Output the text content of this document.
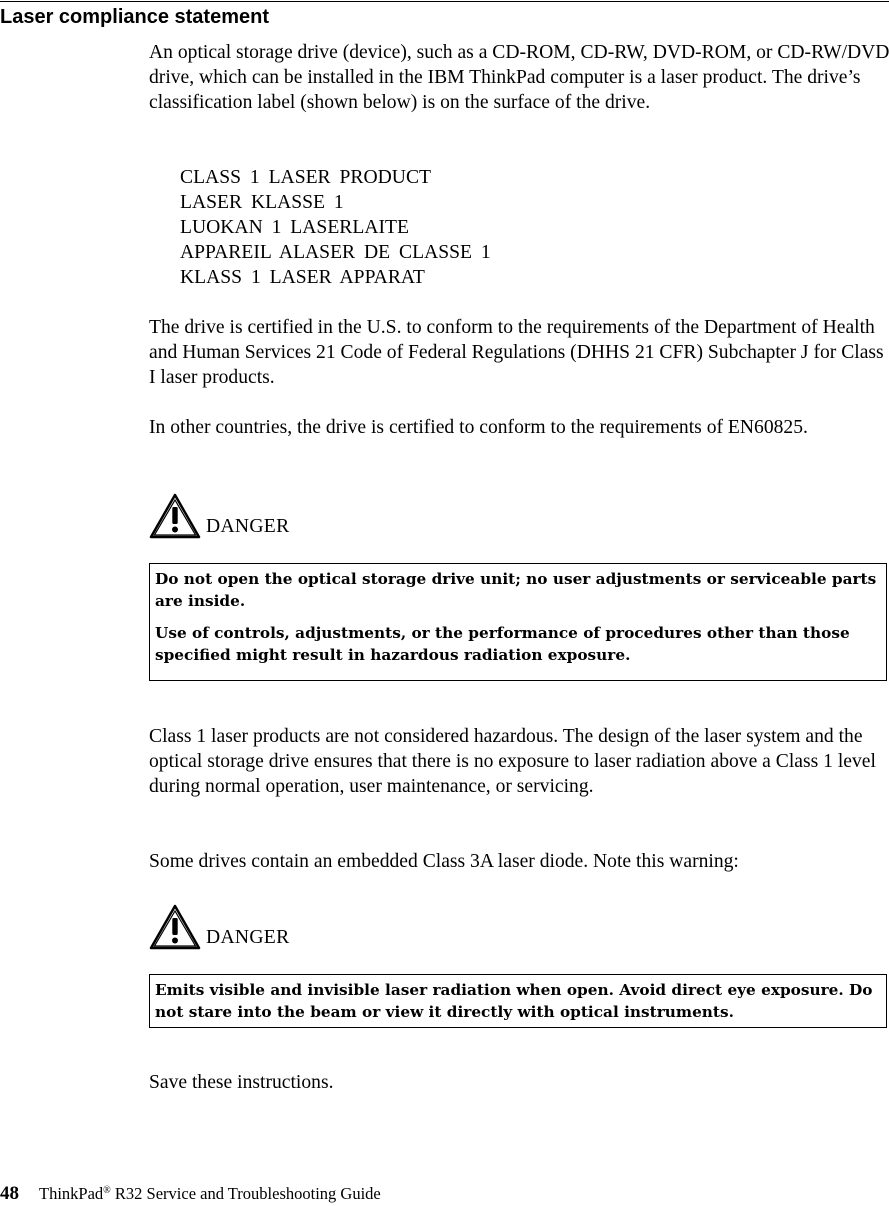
Laser compliance statement

An optical storage drive (device), such as a CD-ROM, CD-RW, DVD-ROM, or CD-RW/DVD drive, which can be installed in the IBM ThinkPad computer is a laser product. The drive’s classification label (shown below) is on the surface of the drive.

CLASS 1 LASER PRODUCT
LASER KLASSE 1
LUOKAN 1 LASERLAITE
APPAREIL ALASER DE CLASSE 1
KLASS 1 LASER APPARAT

The drive is certified in the U.S. to conform to the requirements of the Department of Health and Human Services 21 Code of Federal Regulations (DHHS 21 CFR) Subchapter J for Class I laser products.

In other countries, the drive is certified to conform to the requirements of EN60825.

DANGER

Do not open the optical storage drive unit; no user adjustments or serviceable parts are inside.

Use of controls, adjustments, or the performance of procedures other than those specified might result in hazardous radiation exposure.

Class 1 laser products are not considered hazardous. The design of the laser system and the optical storage drive ensures that there is no exposure to laser radiation above a Class 1 level during normal operation, user maintenance, or servicing.

Some drives contain an embedded Class 3A laser diode. Note this warning:

DANGER

Emits visible and invisible laser radiation when open. Avoid direct eye exposure. Do not stare into the beam or view it directly with optical instruments.

Save these instructions.

48 ThinkPad® R32 Service and Troubleshooting Guide
